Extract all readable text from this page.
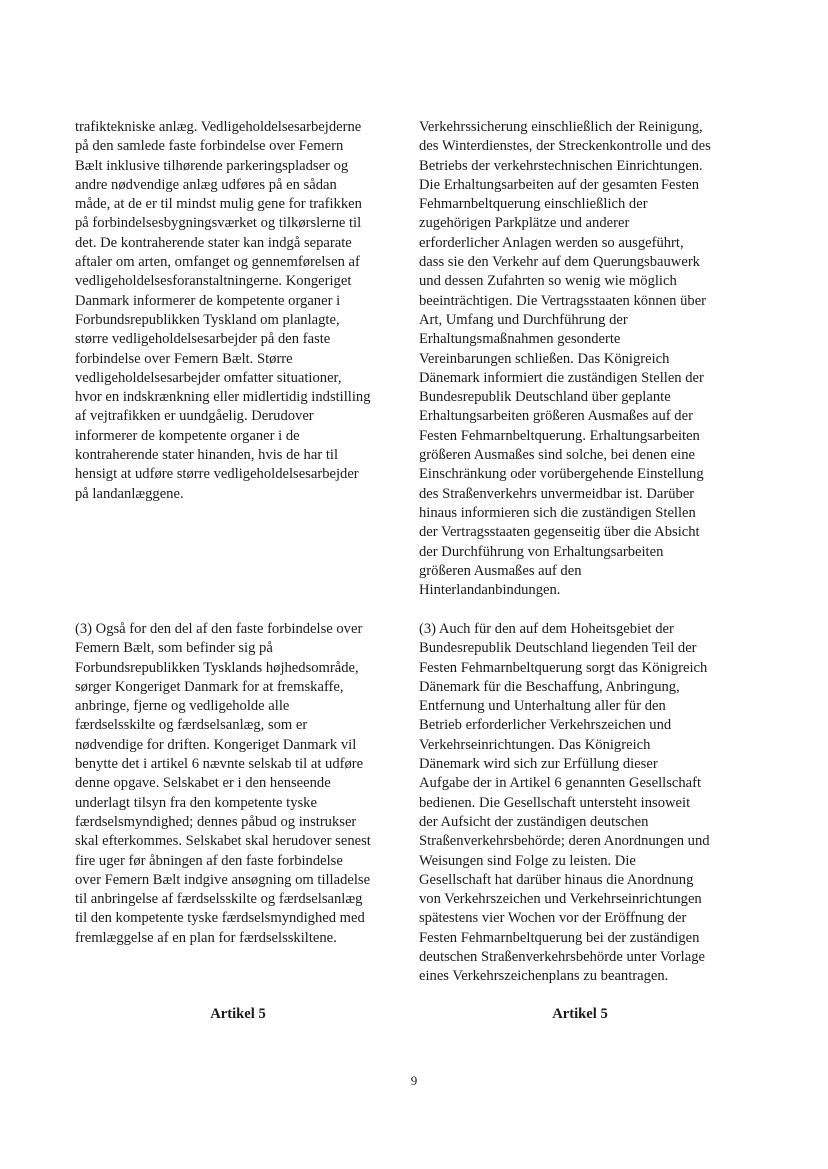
trafiktekniske anlæg. Vedligeholdelsesarbejderne
på den samlede faste forbindelse over Femern
Bælt inklusive tilhørende parkeringspladser og
andre nødvendige anlæg udføres på en sådan
måde, at de er til mindst mulig gene for trafikken
på forbindelsesbygningsværket og tilkørslerne til
det. De kontraherende stater kan indgå separate
aftaler om arten, omfanget og gennemførelsen af
vedligeholdelsesforanstaltningerne. Kongeriget
Danmark informerer de kompetente organer i
Forbundsrepublikken Tyskland om planlagte,
større vedligeholdelsesarbejder på den faste
forbindelse over Femern Bælt. Større
vedligeholdelsesarbejder omfatter situationer,
hvor en indskrænkning eller midlertidig indstilling
af vejtrafikken er uundgåelig. Derudover
informerer de kompetente organer i de
kontraherende stater hinanden, hvis de har til
hensigt at udføre større vedligeholdelsesarbejder
på landanlæggene.
Verkehrssicherung einschließlich der Reinigung,
des Winterdienstes, der Streckenkontrolle und des
Betriebs der verkehrstechnischen Einrichtungen.
Die Erhaltungsarbeiten auf der gesamten Festen
Fehmarnbeltquerung einschließlich der
zugehörigen Parkplätze und anderer
erforderlicher Anlagen werden so ausgeführt,
dass sie den Verkehr auf dem Querungsbauwerk
und dessen Zufahrten so wenig wie möglich
beeinträchtigen. Die Vertragsstaaten können über
Art, Umfang und Durchführung der
Erhaltungsmaßnahmen gesonderte
Vereinbarungen schließen. Das Königreich
Dänemark informiert die zuständigen Stellen der
Bundesrepublik Deutschland über geplante
Erhaltungsarbeiten größeren Ausmaßes auf der
Festen Fehmarnbeltquerung. Erhaltungsarbeiten
größeren Ausmaßes sind solche, bei denen eine
Einschränkung oder vorübergehende Einstellung
des Straßenverkehrs unvermeidbar ist. Darüber
hinaus informieren sich die zuständigen Stellen
der Vertragsstaaten gegenseitig über die Absicht
der Durchführung von Erhaltungsarbeiten
größeren Ausmaßes auf den
Hinterlandanbindungen.
(3) Også for den del af den faste forbindelse over
Femern Bælt, som befinder sig på
Forbundsrepublikken Tysklands højhedsområde,
sørger Kongeriget Danmark for at fremskaffe,
anbringe, fjerne og vedligeholde alle
færdselsskilte og færdselsanlæg, som er
nødvendige for driften. Kongeriget Danmark vil
benytte det i artikel 6 nævnte selskab til at udføre
denne opgave. Selskabet er i den henseende
underlagt tilsyn fra den kompetente tyske
færdselsmyndighed; dennes påbud og instrukser
skal efterkommes. Selskabet skal herudover senest
fire uger før åbningen af den faste forbindelse
over Femern Bælt indgive ansøgning om tilladelse
til anbringelse af færdselsskilte og færdselsanlæg
til den kompetente tyske færdselsmyndighed med
fremlæggelse af en plan for færdselsskiltene.
(3) Auch für den auf dem Hoheitsgebiet der
Bundesrepublik Deutschland liegenden Teil der
Festen Fehmarnbeltquerung sorgt das Königreich
Dänemark für die Beschaffung, Anbringung,
Entfernung und Unterhaltung aller für den
Betrieb erforderlicher Verkehrszeichen und
Verkehrseinrichtungen. Das Königreich
Dänemark wird sich zur Erfüllung dieser
Aufgabe der in Artikel 6 genannten Gesellschaft
bedienen. Die Gesellschaft untersteht insoweit
der Aufsicht der zuständigen deutschen
Straßenverkehrsbehörde; deren Anordnungen und
Weisungen sind Folge zu leisten. Die
Gesellschaft hat darüber hinaus die Anordnung
von Verkehrszeichen und Verkehrseinrichtungen
spätestens vier Wochen vor der Eröffnung der
Festen Fehmarnbeltquerung bei der zuständigen
deutschen Straßenverkehrsbehörde unter Vorlage
eines Verkehrszeichenplans zu beantragen.
Artikel 5	Artikel 5
9
